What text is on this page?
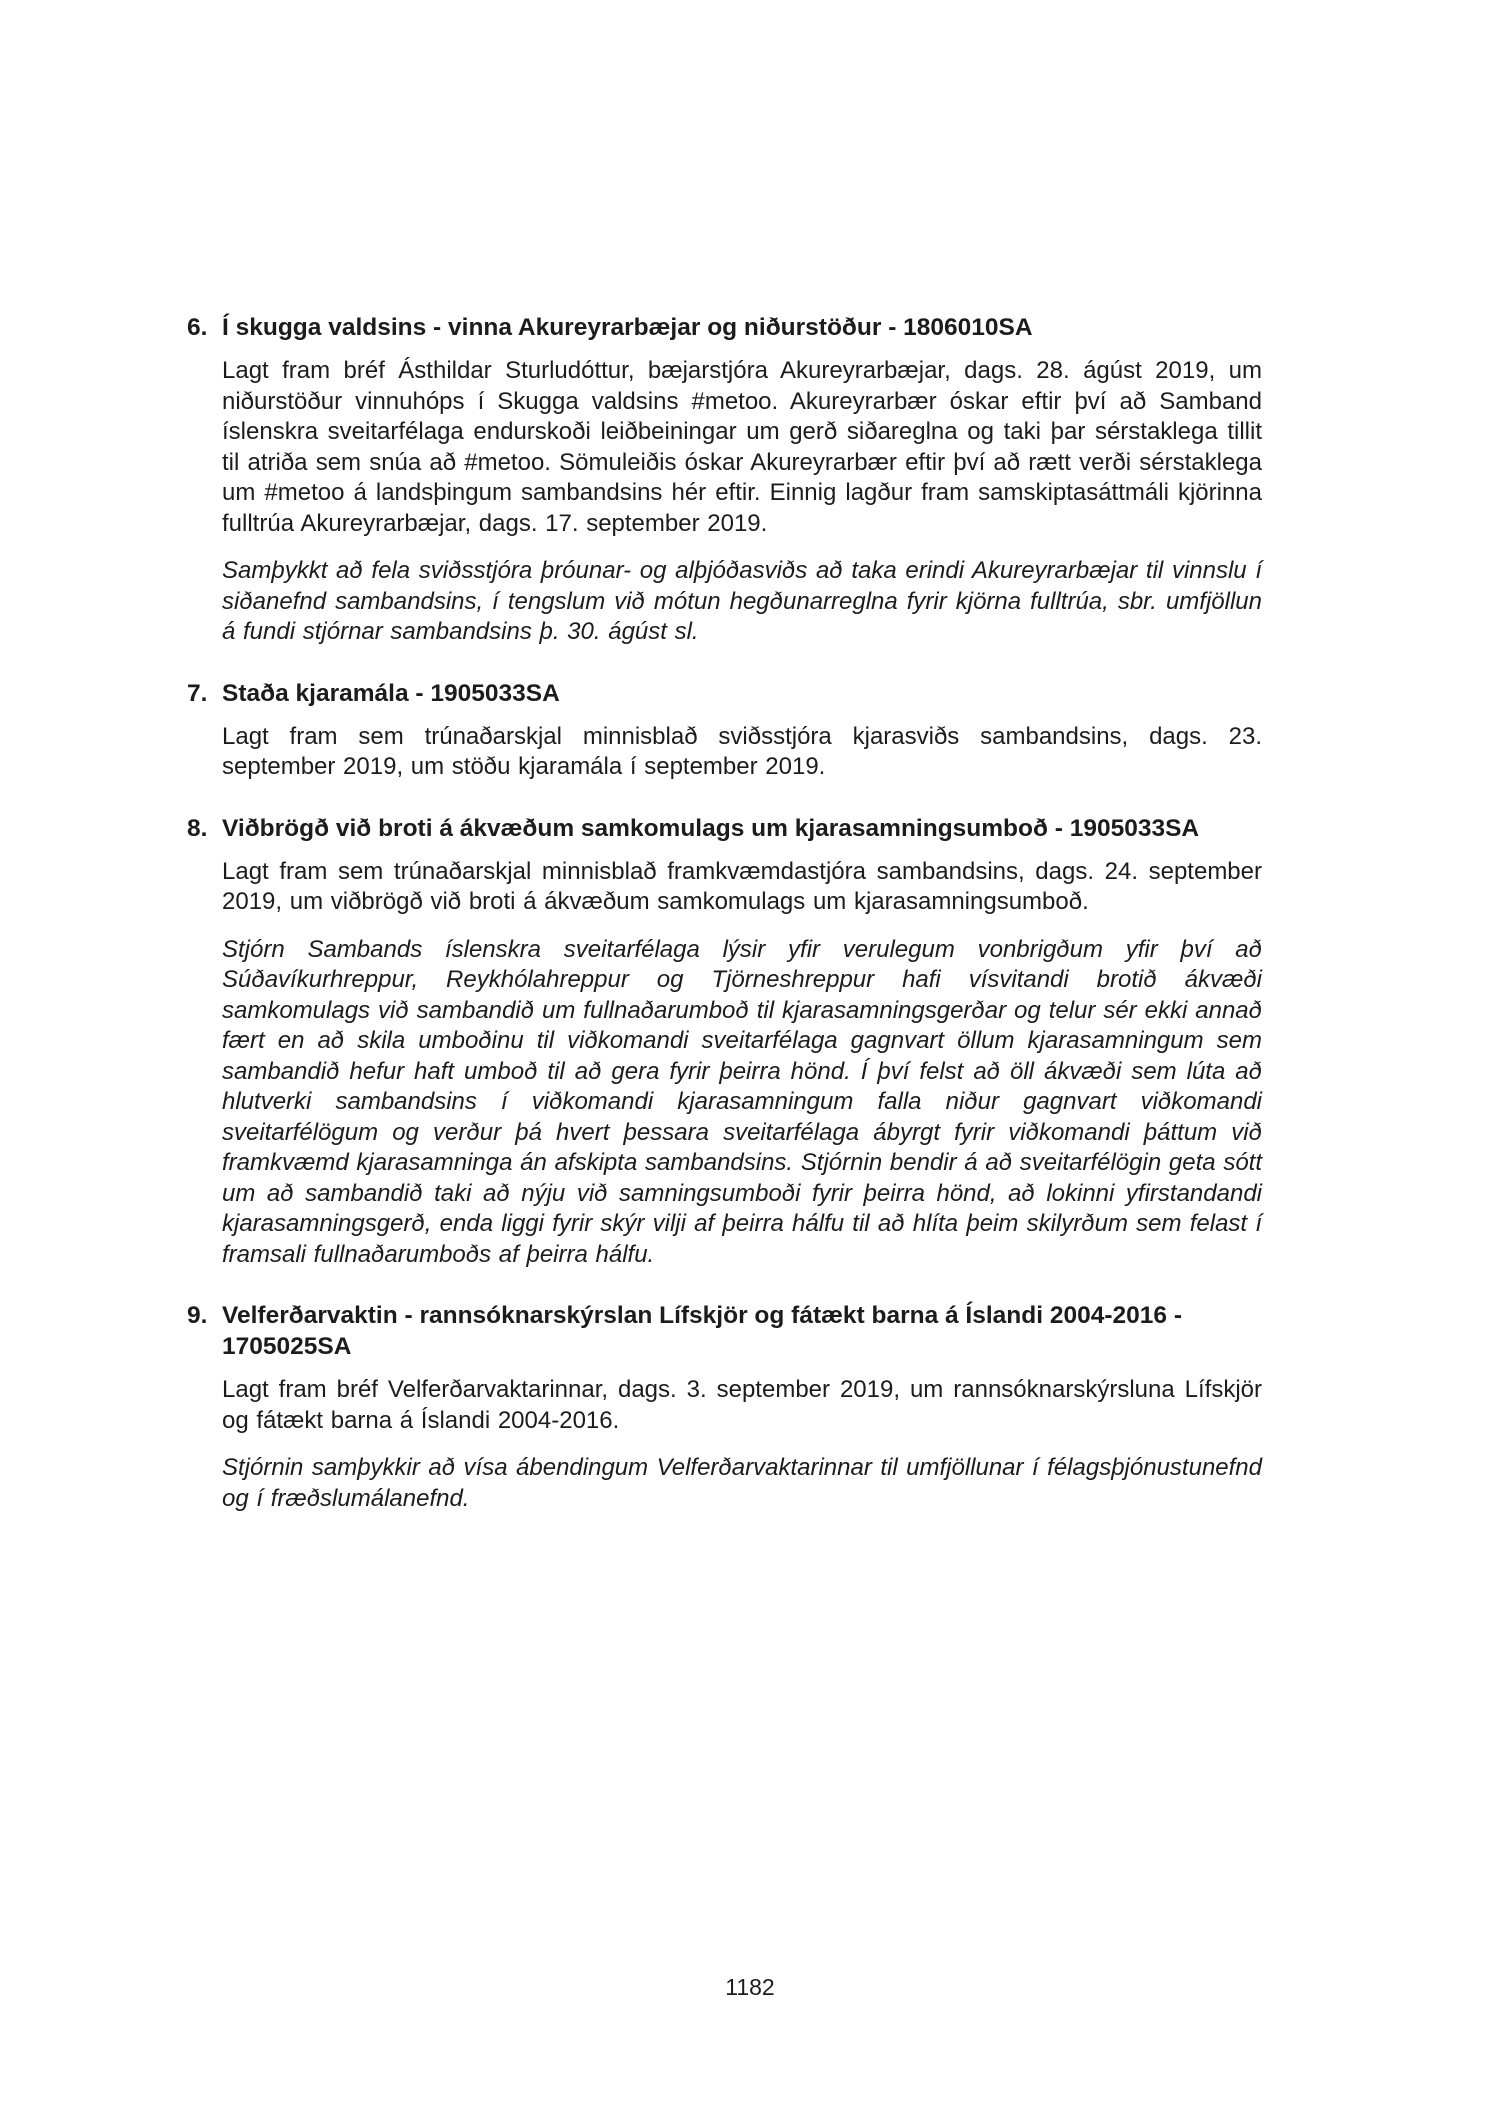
6. Í skugga valdsins - vinna Akureyrarbæjar og niðurstöður - 1806010SA

Lagt fram bréf Ásthildar Sturludóttur, bæjarstjóra Akureyrarbæjar, dags. 28. ágúst 2019, um niðurstöður vinnuhóps í Skugga valdsins #metoo. Akureyrarbær óskar eftir því að Samband íslenskra sveitarfélaga endurskoði leiðbeiningar um gerð siðareglna og taki þar sérstaklega tillit til atriða sem snúa að #metoo. Sömuleiðis óskar Akureyrarbær eftir því að rætt verði sérstaklega um #metoo á landsþingum sambandsins hér eftir. Einnig lagður fram samskiptasáttmáli kjörinna fulltrúa Akureyrarbæjar, dags. 17. september 2019.

Samþykkt að fela sviðsstjóra þróunar- og alþjóðasviðs að taka erindi Akureyrarbæjar til vinnslu í siðanefnd sambandsins, í tengslum við mótun hegðunarreglna fyrir kjörna fulltrúa, sbr. umfjöllun á fundi stjórnar sambandsins þ. 30. ágúst sl.

7. Staða kjaramála - 1905033SA

Lagt fram sem trúnaðarskjal minnisblað sviðsstjóra kjarasviðs sambandsins, dags. 23. september 2019, um stöðu kjaramála í september 2019.

8. Viðbrögð við broti á ákvæðum samkomulags um kjarasamningsumboð - 1905033SA

Lagt fram sem trúnaðarskjal minnisblað framkvæmdastjóra sambandsins, dags. 24. september 2019, um viðbrögð við broti á ákvæðum samkomulags um kjarasamningsumboð.

Stjórn Sambands íslenskra sveitarfélaga lýsir yfir verulegum vonbrigðum yfir því að Súðavíkurhreppur, Reykhólahreppur og Tjörneshreppur hafi vísvitandi brotið ákvæði samkomulags við sambandið um fullnaðarumboð til kjarasamningsgerðar og telur sér ekki annað fært en að skila umboðinu til viðkomandi sveitarfélaga gagnvart öllum kjarasamningum sem sambandið hefur haft umboð til að gera fyrir þeirra hönd. Í því felst að öll ákvæði sem lúta að hlutverki sambandsins í viðkomandi kjarasamningum falla niður gagnvart viðkomandi sveitarfélögum og verður þá hvert þessara sveitarfélaga ábyrgt fyrir viðkomandi þáttum við framkvæmd kjarasamninga án afskipta sambandsins. Stjórnin bendir á að sveitarfélögin geta sótt um að sambandið taki að nýju við samningsumboði fyrir þeirra hönd, að lokinni yfirstandandi kjarasamningsgerð, enda liggi fyrir skýr vilji af þeirra hálfu til að hlíta þeim skilyrðum sem felast í framsali fullnaðarumboðs af þeirra hálfu.

9. Velferðarvaktin - rannsóknarskýrslan Lífskjör og fátækt barna á Íslandi 2004-2016 - 1705025SA

Lagt fram bréf Velferðarvaktarinnar, dags. 3. september 2019, um rannsóknarskýrsluna Lífskjör og fátækt barna á Íslandi 2004-2016.

Stjórnin samþykkir að vísa ábendingum Velferðarvaktarinnar til umfjöllunar í félagsþjónustunefnd og í fræðslumálanefnd.

1182
